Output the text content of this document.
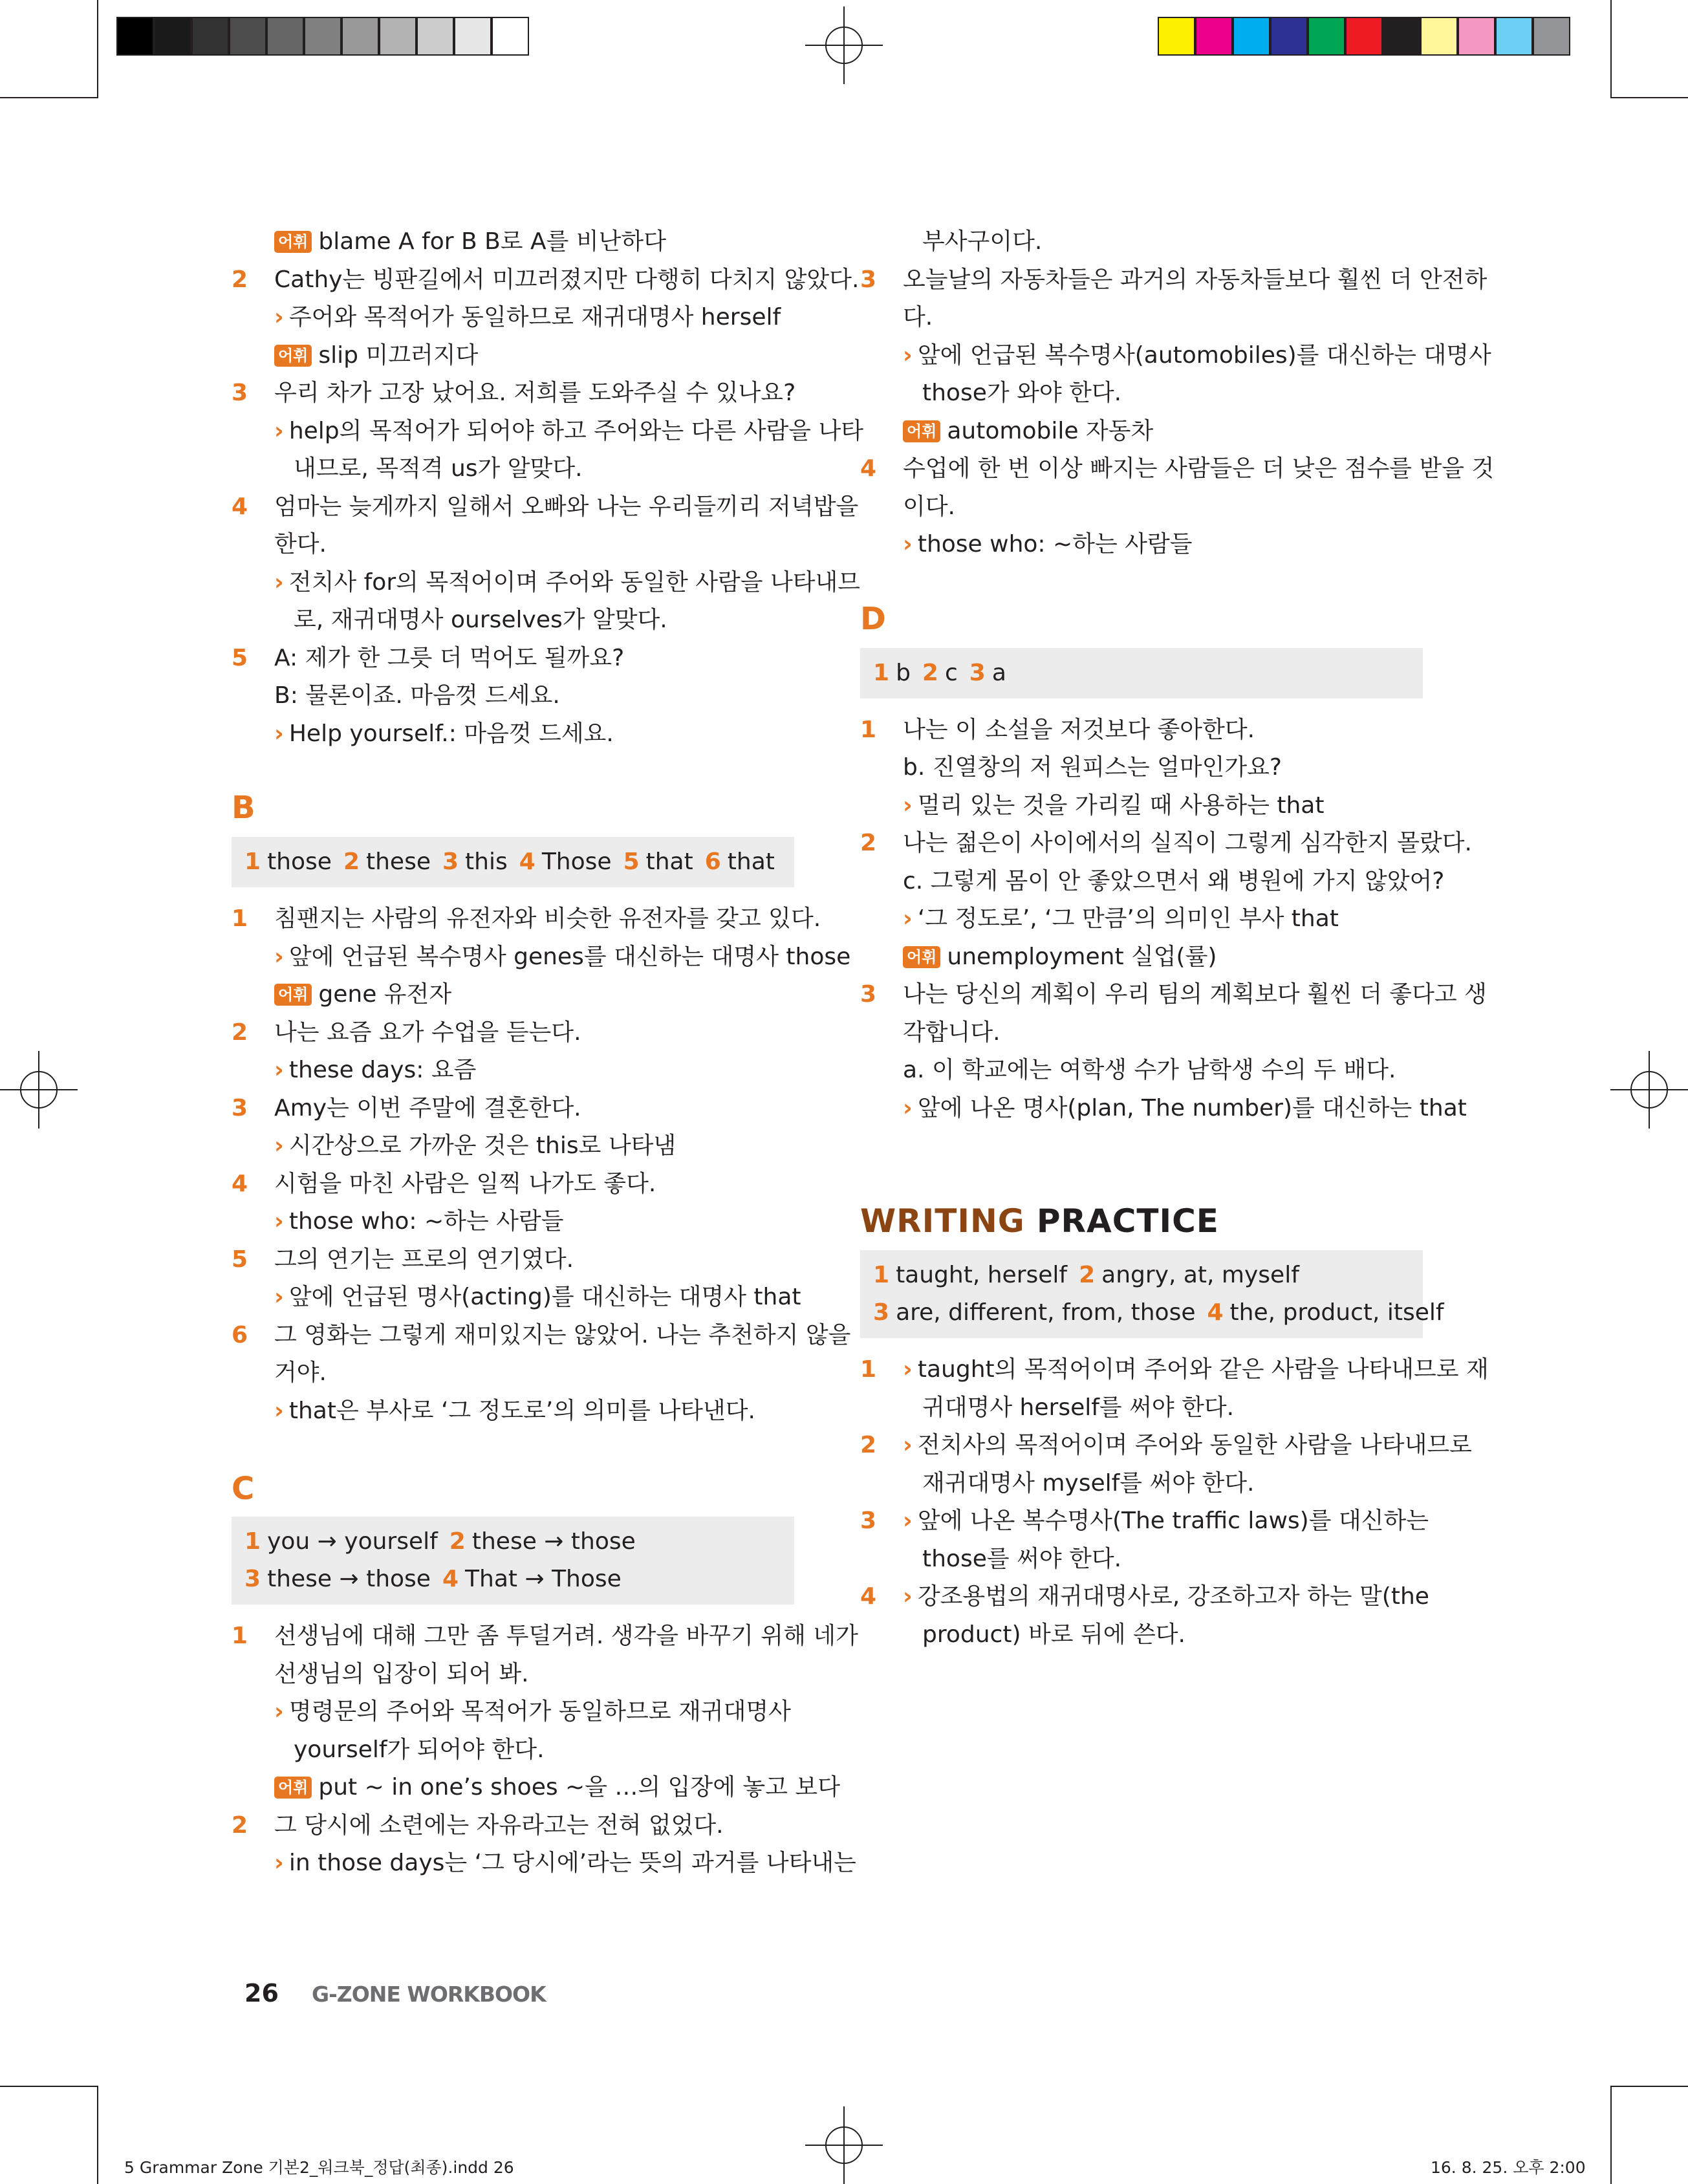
어휘 blame A for B B로 A를 비난하다
2 Cathy는 빙판길에서 미끄러졌지만 다행히 다치지 않았다.
› 주어와 목적어가 동일하므로 재귀대명사 herself
어휘 slip 미끄러지다
3 우리 차가 고장 났어요. 저희를 도와주실 수 있나요?
› help의 목적어가 되어야 하고 주어와는 다른 사람을 나타
내므로, 목적격 us가 알맞다.
4 엄마는 늦게까지 일해서 오빠와 나는 우리들끼리 저녁밥을
한다.
› 전치사 for의 목적어이며 주어와 동일한 사람을 나타내므
로, 재귀대명사 ourselves가 알맞다.
5 A: 제가 한 그릇 더 먹어도 될까요?
B: 물론이죠. 마음껏 드세요.
› Help yourself.: 마음껏 드세요.
B
1 those 2 these 3 this 4 Those 5 that 6 that
1 침팬지는 사람의 유전자와 비슷한 유전자를 갖고 있다.
› 앞에 언급된 복수명사 genes를 대신하는 대명사 those
어휘 gene 유전자
2 나는 요즘 요가 수업을 듣는다.
› these days: 요즘
3 Amy는 이번 주말에 결혼한다.
› 시간상으로 가까운 것은 this로 나타냄
4 시험을 마친 사람은 일찍 나가도 좋다.
› those who: ~하는 사람들
5 그의 연기는 프로의 연기였다.
› 앞에 언급된 명사(acting)를 대신하는 대명사 that
6 그 영화는 그렇게 재미있지는 않았어. 나는 추천하지 않을
거야.
› that은 부사로 ‘그 정도로’의 의미를 나타낸다.
C
1 you → yourself 2 these → those
3 these → those 4 That → Those
1 선생님에 대해 그만 좀 투덜거려. 생각을 바꾸기 위해 네가
선생님의 입장이 되어 봐.
› 명령문의 주어와 목적어가 동일하므로 재귀대명사
yourself가 되어야 한다.
어휘 put ~ in one’s shoes ~을 …의 입장에 놓고 보다
2 그 당시에 소련에는 자유라고는 전혀 없었다.
› in those days는 ‘그 당시에’라는 뜻의 과거를 나타내는
부사구이다.
3 오늘날의 자동차들은 과거의 자동차들보다 훨씬 더 안전하
다.
› 앞에 언급된 복수명사(automobiles)를 대신하는 대명사
those가 와야 한다.
어휘 automobile 자동차
4 수업에 한 번 이상 빠지는 사람들은 더 낮은 점수를 받을 것
이다.
› those who: ~하는 사람들
D
1 b 2 c 3 a
1 나는 이 소설을 저것보다 좋아한다.
b. 진열창의 저 원피스는 얼마인가요?
› 멀리 있는 것을 가리킬 때 사용하는 that
2 나는 젊은이 사이에서의 실직이 그렇게 심각한지 몰랐다.
c. 그렇게 몸이 안 좋았으면서 왜 병원에 가지 않았어?
› ‘그 정도로’, ‘그 만큼’의 의미인 부사 that
어휘 unemployment 실업(률)
3 나는 당신의 계획이 우리 팀의 계획보다 훨씬 더 좋다고 생
각합니다.
a. 이 학교에는 여학생 수가 남학생 수의 두 배다.
› 앞에 나온 명사(plan, The number)를 대신하는 that
WRITING PRACTICE
1 taught, herself 2 angry, at, myself
3 are, different, from, those 4 the, product, itself
1 › taught의 목적어이며 주어와 같은 사람을 나타내므로 재
귀대명사 herself를 써야 한다.
2 › 전치사의 목적어이며 주어와 동일한 사람을 나타내므로
재귀대명사 myself를 써야 한다.
3 › 앞에 나온 복수명사(The traffic laws)를 대신하는
those를 써야 한다.
4 › 강조용법의 재귀대명사로, 강조하고자 하는 말(the
product) 바로 뒤에 쓴다.
26 G-ZONE WORKBOOK
5 Grammar Zone 기본2_워크북_정답(최종).indd 26	16. 8. 25. 오후 2:00
